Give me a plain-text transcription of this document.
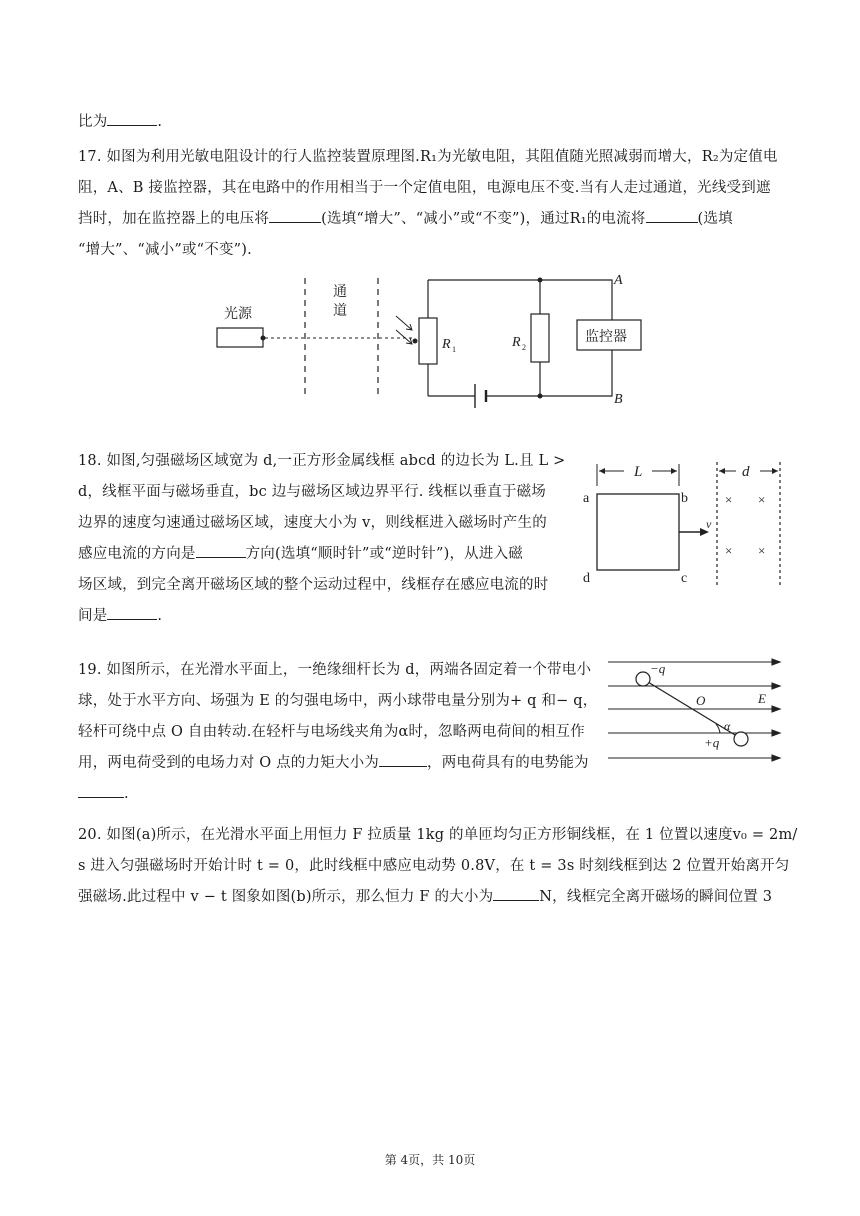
比为	.
17. 如图为利用光敏电阻设计的行人监控装置原理图.R₁为光敏电阻，其阻值随光照减弱而增大，R₂为定值电
阻，A、B 接监控器，其在电路中的作用相当于一个定值电阻，电源电压不变.当有人走过通道，光线受到遮
挡时，加在监控器上的电压将	(选填“增大”、“减小”或“不变”)，通过R₁的电流将	(选填
“增大”、“减小”或“不变”).
光源
通
道
R 1	R 2
监控器
A
B
18. 如图,匀强磁场区域宽为 d,一正方形金属线框 abcd 的边长为 L.且 L >
d，线框平面与磁场垂直，bc 边与磁场区域边界平行. 线框以垂直于磁场
边界的速度匀速通过磁场区域，速度大小为 v，则线框进入磁场时产生的
感应电流的方向是	方向(选填“顺时针”或“逆时针”)，从进入磁
场区域，到完全离开磁场区域的整个运动过程中，线框存在感应电流的时
间是	.
L
a	b
c
d
v
d
× ×
× ×
19. 如图所示，在光滑水平面上，一绝缘细杆长为 d，两端各固定着一个带电小
球，处于水平方向、场强为 E 的匀强电场中，两小球带电量分别为+ q 和− q，
轻杆可绕中点 O 自由转动.在轻杆与电场线夹角为α时，忽略两电荷间的相互作
用，两电荷受到的电场力对 O 点的力矩大小为	，两电荷具有的电势能为
.
−q
+q
O	E
α
20. 如图(a)所示，在光滑水平面上用恒力 F 拉质量 1kg 的单匝均匀正方形铜线框，在 1 位置以速度v₀ = 2m/
s 进入匀强磁场时开始计时 t = 0，此时线框中感应电动势 0.8V，在 t = 3s 时刻线框到达 2 位置开始离开匀
强磁场.此过程中 v − t 图象如图(b)所示，那么恒力 F 的大小为	N，线框完全离开磁场的瞬间位置 3
第 4页，共 10页
